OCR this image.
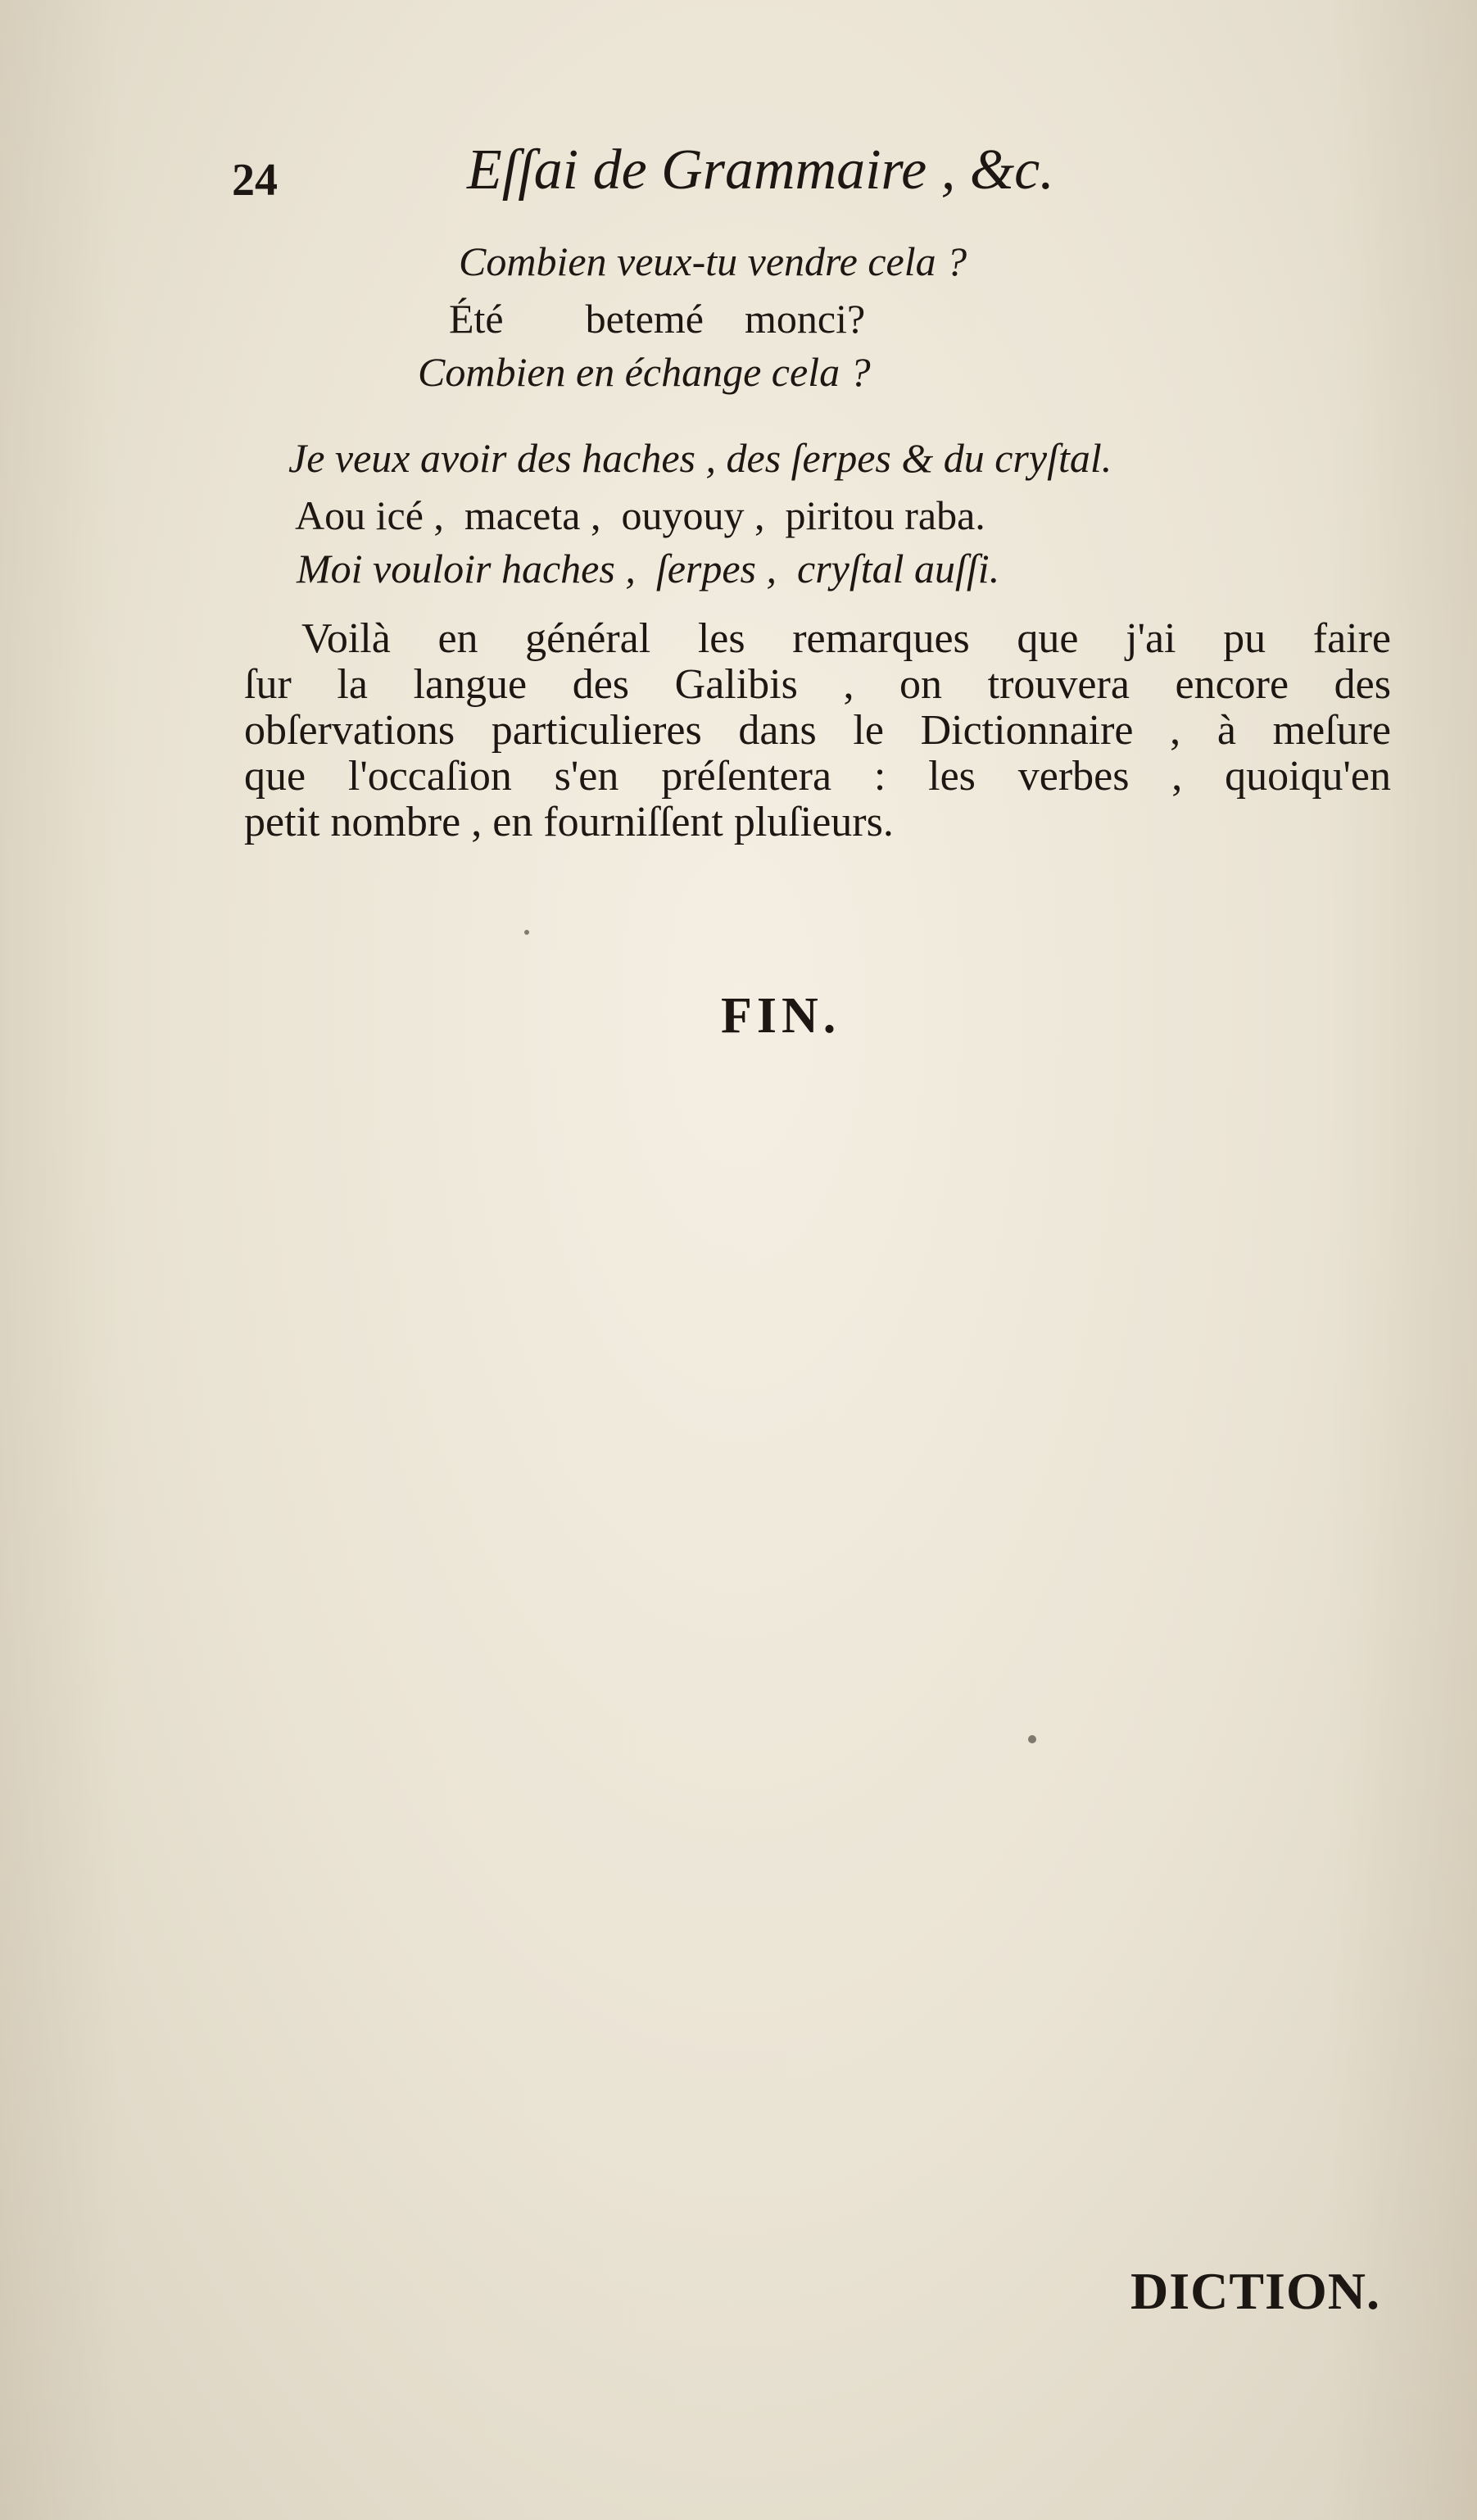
24	Eſſai de Grammaire , &c.
Combien veux-tu vendre cela ?
Été        betemé    monci?
Combien en échange cela ?
Je veux avoir des haches , des ſerpes & du cryſtal.
Aou icé ,  maceta ,  ouyouy ,  piritou raba.
Moi vouloir haches ,  ſerpes ,  cryſtal auſſi.
Voilà en général les remarques que j'ai pu faire
ſur la langue des Galibis , on trouvera encore des
obſervations particulieres dans le Dictionnaire , à meſure
que l'occaſion s'en préſentera : les verbes , quoiqu'en
petit nombre , en fourniſſent pluſieurs.
FIN.
DICTION.
